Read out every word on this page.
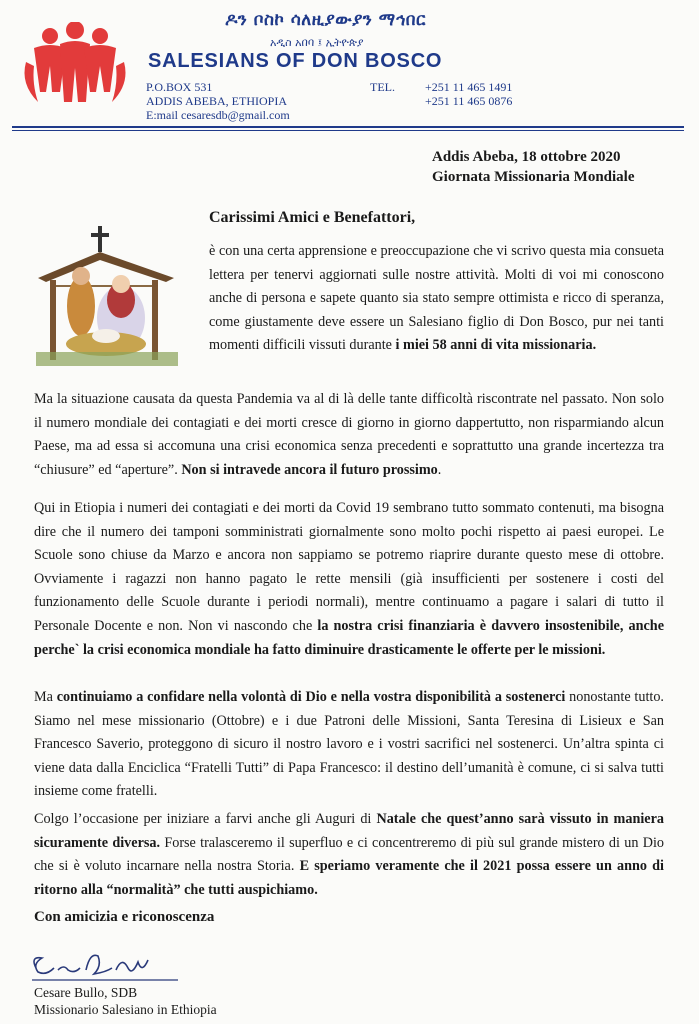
ዶን ቦስኮ ሳለዚያውያን ማኅበር
አዲስ አበባ ፤ ኢትዮጵያ
SALESIANS OF DON BOSCO
P.O.BOX 531
ADDIS ABEBA, ETHIOPIA
E:mail cesaresdb@gmail.com
TEL.	+251 11 465 1491
+251 11 465 0876
Addis Abeba, 18 ottobre 2020
Giornata Missionaria Mondiale
Carissimi Amici e Benefattori,
è con una certa apprensione e preoccupazione che vi scrivo questa mia consueta lettera per tenervi aggiornati sulle nostre attività. Molti di voi mi conoscono anche di persona e sapete quanto sia stato sempre ottimista e ricco di speranza, come giustamente deve essere un Salesiano figlio di Don Bosco, pur nei tanti momenti difficili vissuti durante i miei 58 anni di vita missionaria.
Ma la situazione causata da questa Pandemia va al di là delle tante difficoltà riscontrate nel passato. Non solo il numero mondiale dei contagiati e dei morti cresce di giorno in giorno dappertutto, non risparmiando alcun Paese, ma ad essa si accomuna una crisi economica senza precedenti e soprattutto una grande incertezza tra “chiusure” ed “aperture”. Non si intravede ancora il futuro prossimo.
Qui in Etiopia i numeri dei contagiati e dei morti da Covid 19 sembrano tutto sommato contenuti, ma bisogna dire che il numero dei tamponi somministrati giornalmente sono molto pochi rispetto ai paesi europei. Le Scuole sono chiuse da Marzo e ancora non sappiamo se potremo riaprire durante questo mese di ottobre. Ovviamente i ragazzi non hanno pagato le rette mensili (già insufficienti per sostenere i costi del funzionamento delle Scuole durante i periodi normali), mentre continuamo a pagare i salari di tutto il Personale Docente e non. Non vi nascondo che la nostra crisi finanziaria è davvero insostenibile, anche perche` la crisi economica mondiale ha fatto diminuire drasticamente le offerte per le missioni.
Ma continuiamo a confidare nella volontà di Dio e nella vostra disponibilità a sostenerci nonostante tutto. Siamo nel mese missionario (Ottobre) e i due Patroni delle Missioni, Santa Teresina di Lisieux e San Francesco Saverio, proteggono di sicuro il nostro lavoro e i vostri sacrifici nel sostenerci. Un’altra spinta ci viene data dalla Enciclica “Fratelli Tutti” di Papa Francesco: il destino dell’umanità è comune, ci si salva tutti insieme come fratelli.
Colgo l’occasione per iniziare a farvi anche gli Auguri di Natale che quest’anno sarà vissuto in maniera sicuramente diversa. Forse tralasceremo il superfluo e ci concentreremo di più sul grande mistero di un Dio che si è voluto incarnare nella nostra Storia. E speriamo veramente che il 2021 possa essere un anno di ritorno alla “normalità” che tutti auspichiamo.
Con amicizia e riconoscenza
Cesare Bullo, SDB
Missionario Salesiano in Ethiopia
